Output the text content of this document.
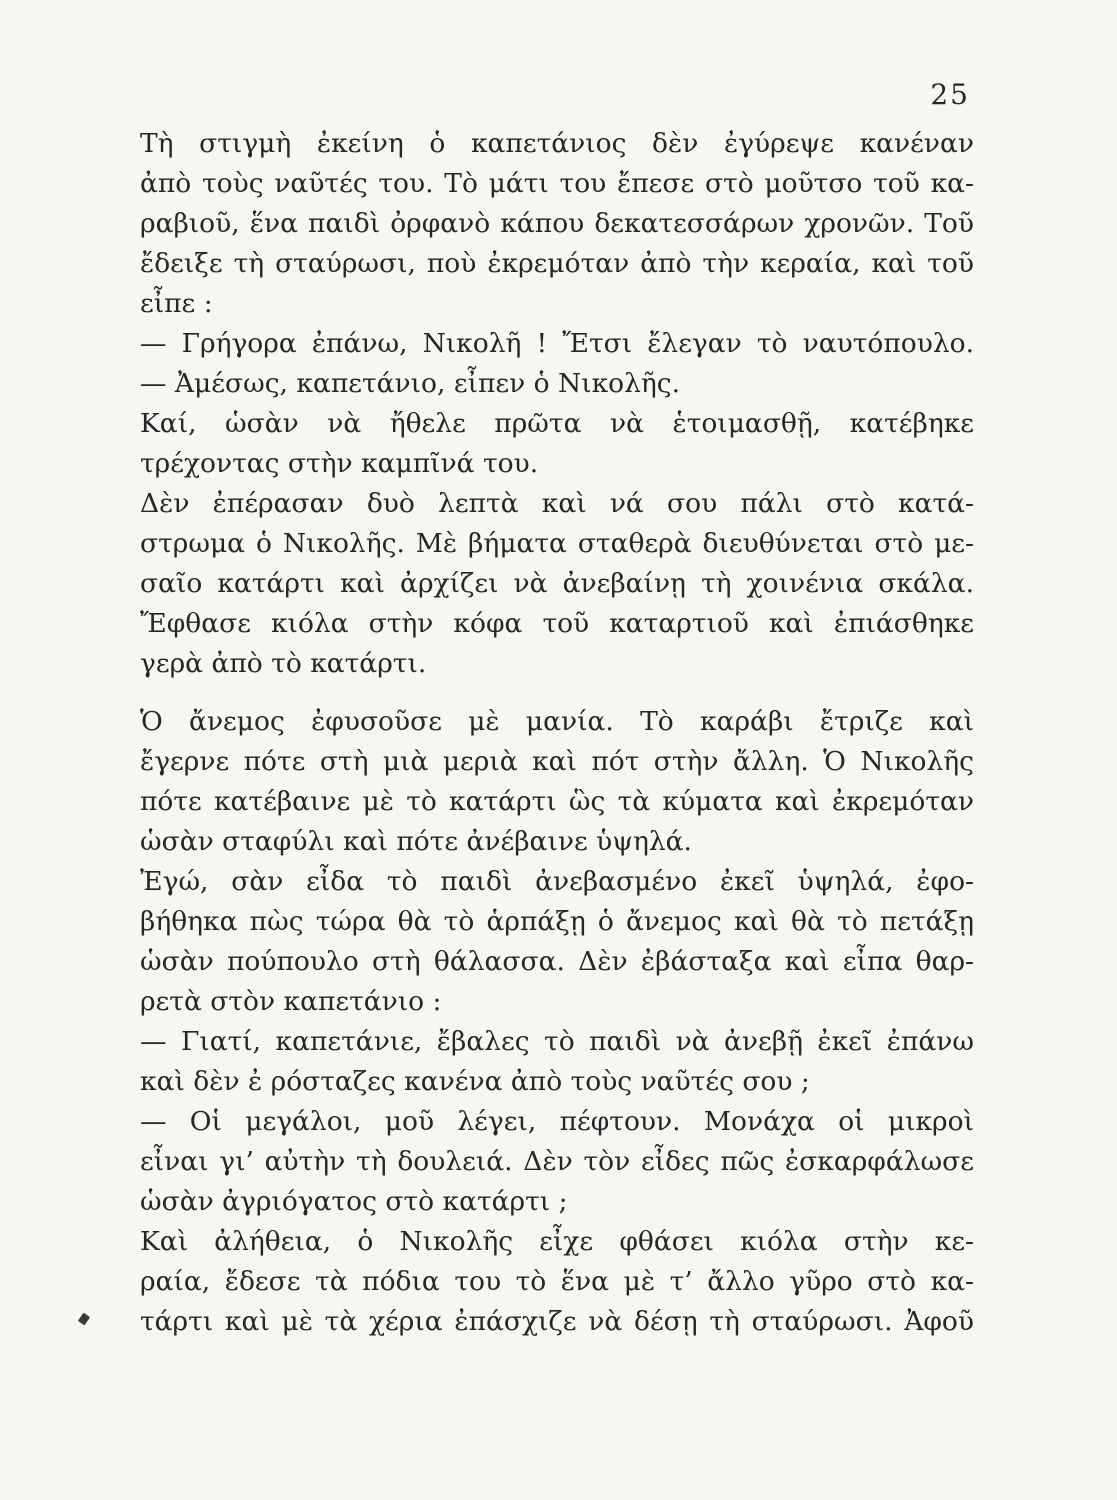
25
Τὴ στιγμὴ ἐκείνη ὁ καπετάνιος δὲν ἐγύρεψε κανέναν
ἀπὸ τοὺς ναῦτές του. Τὸ μάτι του ἔπεσε στὸ μοῦτσο τοῦ κα-
ραβιοῦ, ἕνα παιδὶ ὀρφανὸ κάπου δεκατεσσάρων χρονῶν. Τοῦ
ἔδειξε τὴ σταύρωσι, ποὺ ἐκρεμόταν ἀπὸ τὴν κεραία, καὶ τοῦ
εἶπε :
— Γρήγορα ἐπάνω, Νικολῆ ! Ἔτσι ἔλεγαν τὸ ναυτόπουλο.
— Ἀμέσως, καπετάνιο, εἶπεν ὁ Νικολῆς.
Καί, ὡσὰν νὰ ἤθελε πρῶτα νὰ ἑτοιμασθῇ, κατέβηκε
τρέχοντας στὴν καμπῖνά του.
Δὲν ἐπέρασαν δυὸ λεπτὰ καὶ νά σου πάλι στὸ κατά-
στρωμα ὁ Νικολῆς. Μὲ βήματα σταθερὰ διευθύνεται στὸ με-
σαῖο κατάρτι καὶ ἀρχίζει νὰ ἀνεβαίνῃ τὴ χοινένια σκάλα.
Ἔφθασε κιόλα στὴν κόφα τοῦ καταρτιοῦ καὶ ἐπιάσθηκε
γερὰ ἀπὸ τὸ κατάρτι.
Ὁ ἄνεμος ἐφυσοῦσε μὲ μανία. Τὸ καράβι ἔτριζε καὶ
ἔγερνε πότε στὴ μιὰ μεριὰ καὶ πότ στὴν ἄλλη. Ὁ Νικολῆς
πότε κατέβαινε μὲ τὸ κατάρτι ὣς τὰ κύματα καὶ ἐκρεμόταν
ὡσὰν σταφύλι καὶ πότε ἀνέβαινε ὑψηλά.
Ἐγώ, σὰν εἶδα τὸ παιδὶ ἀνεβασμένο ἐκεῖ ὑψηλά, ἐφο-
βήθηκα πὼς τώρα θὰ τὸ ἁρπάξῃ ὁ ἄνεμος καὶ θὰ τὸ πετάξῃ
ὡσὰν πούπουλο στὴ θάλασσα. Δὲν ἐβάσταξα καὶ εἶπα θαρ-
ρετὰ στὸν καπετάνιο :
— Γιατί, καπετάνιε, ἔβαλες τὸ παιδὶ νὰ ἀνεβῇ ἐκεῖ ἐπάνω
καὶ δὲν ἐ ρόσταζες κανένα ἀπὸ τοὺς ναῦτές σου ;
— Οἱ μεγάλοι, μοῦ λέγει, πέφτουν. Μονάχα οἱ μικροὶ
εἶναι γι’ αὐτὴν τὴ δουλειά. Δὲν τὸν εἶδες πῶς ἐσκαρφάλωσε
ὡσὰν ἀγριόγατος στὸ κατάρτι ;
Καὶ ἀλήθεια, ὁ Νικολῆς εἶχε φθάσει κιόλα στὴν κε-
ραία, ἔδεσε τὰ πόδια του τὸ ἕνα μὲ τ’ ἄλλο γῦρο στὸ κα-
τάρτι καὶ μὲ τὰ χέρια ἐπάσχιζε νὰ δέσῃ τὴ σταύρωσι. Ἀφοῦ
